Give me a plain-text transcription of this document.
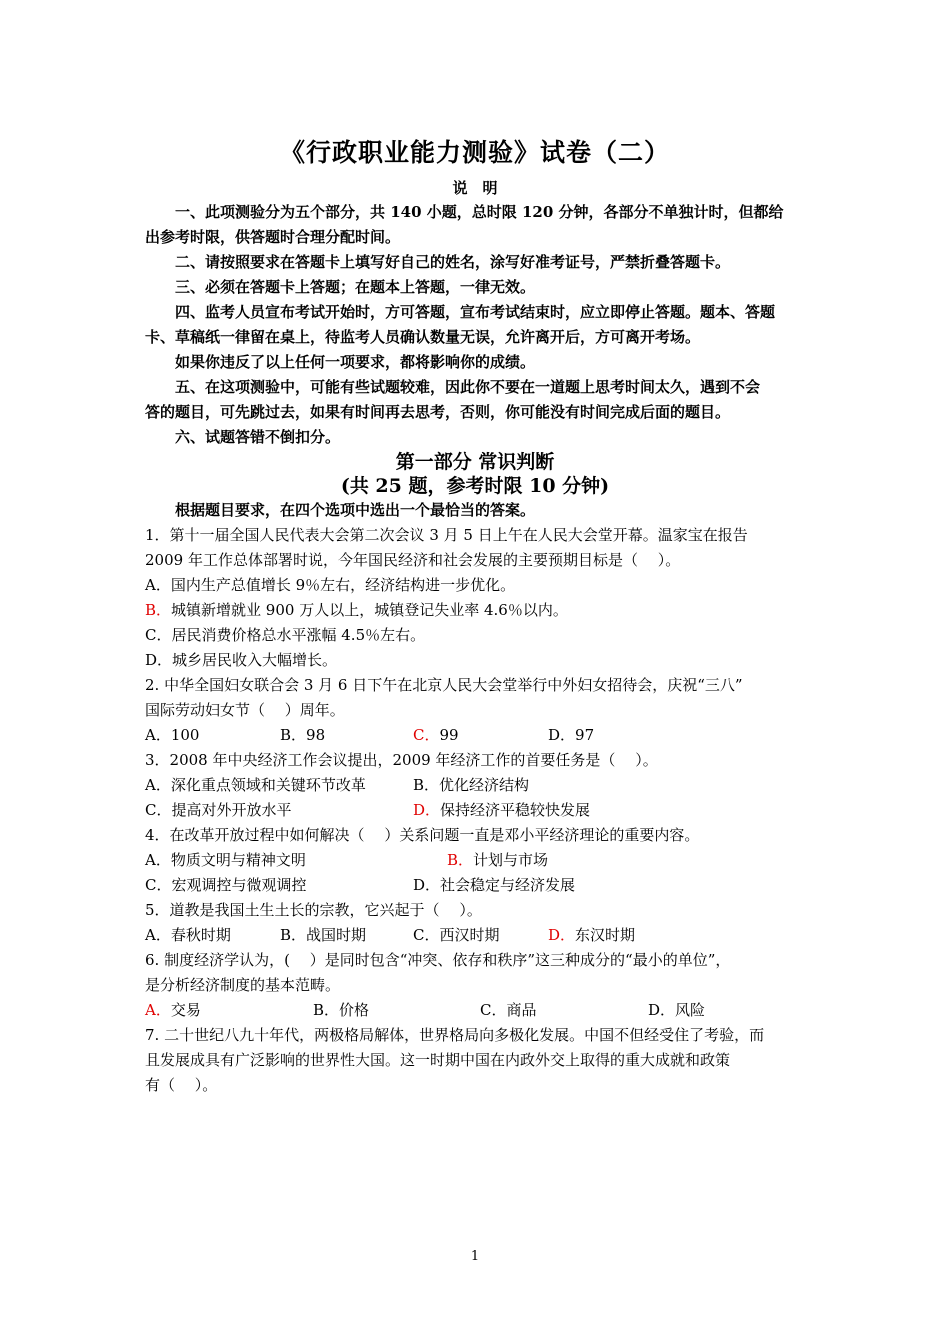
《行政职业能力测验》试卷（二）
说　明
一、此项测验分为五个部分，共 140 小题，总时限 120 分钟，各部分不单独计时，但都给
出参考时限，供答题时合理分配时间。
二、请按照要求在答题卡上填写好自己的姓名，涂写好准考证号，严禁折叠答题卡。
三、必须在答题卡上答题；在题本上答题，一律无效。
四、监考人员宣布考试开始时，方可答题，宣布考试结束时，应立即停止答题。题本、答题
卡、草稿纸一律留在桌上，待监考人员确认数量无误，允许离开后，方可离开考场。
如果你违反了以上任何一项要求，都将影响你的成绩。
五、在这项测验中，可能有些试题较难，因此你不要在一道题上思考时间太久，遇到不会
答的题目，可先跳过去，如果有时间再去思考，否则，你可能没有时间完成后面的题目。
六、试题答错不倒扣分。
第一部分 常识判断
(共 25 题，参考时限 10 分钟)
根据题目要求，在四个选项中选出一个最恰当的答案。
1．第十一届全国人民代表大会第二次会议 3 月 5 日上午在人民大会堂开幕。温家宝在报告
2009 年工作总体部署时说，今年国民经济和社会发展的主要预期目标是（　 ）。
A．国内生产总值增长 9％左右，经济结构进一步优化。
B．城镇新增就业 900 万人以上，城镇登记失业率 4.6％以内。
C．居民消费价格总水平涨幅 4.5％左右。
D．城乡居民收入大幅增长。
2. 中华全国妇女联合会 3 月 6 日下午在北京人民大会堂举行中外妇女招待会，庆祝“三八”
国际劳动妇女节（　 ）周年。
A．100	B．98	C．99	D．97
3．2008 年中央经济工作会议提出，2009 年经济工作的首要任务是（　 ）。
A．深化重点领域和关键环节改革	B．优化经济结构
C．提高对外开放水平	D．保持经济平稳较快发展
4．在改革开放过程中如何解决（　 ）关系问题一直是邓小平经济理论的重要内容。
A．物质文明与精神文明	B．计划与市场
C．宏观调控与微观调控	D．社会稳定与经济发展
5．道教是我国土生土长的宗教，它兴起于（　 ）。
A．春秋时期	B．战国时期	C．西汉时期	D．东汉时期
6. 制度经济学认为，(　 ）是同时包含“冲突、依存和秩序”这三种成分的“最小的单位”，
是分析经济制度的基本范畴。
A．交易	B．价格	C．商品	D．风险
7. 二十世纪八九十年代，两极格局解体，世界格局向多极化发展。中国不但经受住了考验，而
且发展成具有广泛影响的世界性大国。这一时期中国在内政外交上取得的重大成就和政策
有（　 ）。
1
